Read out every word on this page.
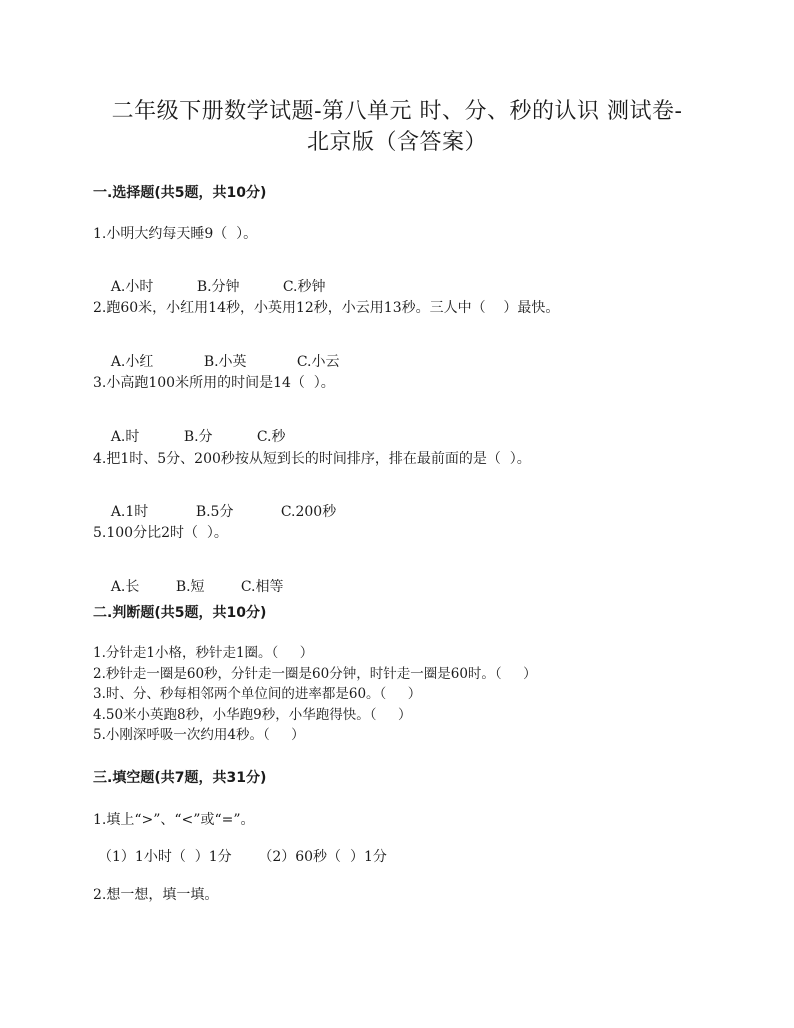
二年级下册数学试题-第八单元 时、分、秒的认识 测试卷-
北京版（含答案）
一.选择题(共5题，共10分)
1.小明大约每天睡9（  ）。

A.小时	B.分钟	C.秒钟

2.跑60米，小红用14秒，小英用12秒，小云用13秒。三人中（    ）最快。

A.小红	B.小英	C.小云

3.小高跑100米所用的时间是14（  ）。

A.时	B.分	C.秒

4.把1时、5分、200秒按从短到长的时间排序，排在最前面的是（  ）。

A.1时	B.5分	C.200秒

5.100分比2时（  ）。

A.长	B.短	C.相等

二.判断题(共5题，共10分)
1.分针走1小格，秒针走1圈。（     ）
2.秒针走一圈是60秒，分针走一圈是60分钟，时针走一圈是60时。（     ）
3.时、分、秒每相邻两个单位间的进率都是60。（     ）
4.50米小英跑8秒，小华跑9秒，小华跑得快。（     ）
5.小刚深呼吸一次约用4秒。（     ）
三.填空题(共7题，共31分)
1.填上“>”、“<”或“=”。
（1）1小时（  ）1分      （2）60秒（  ）1分
2.想一想，填一填。
